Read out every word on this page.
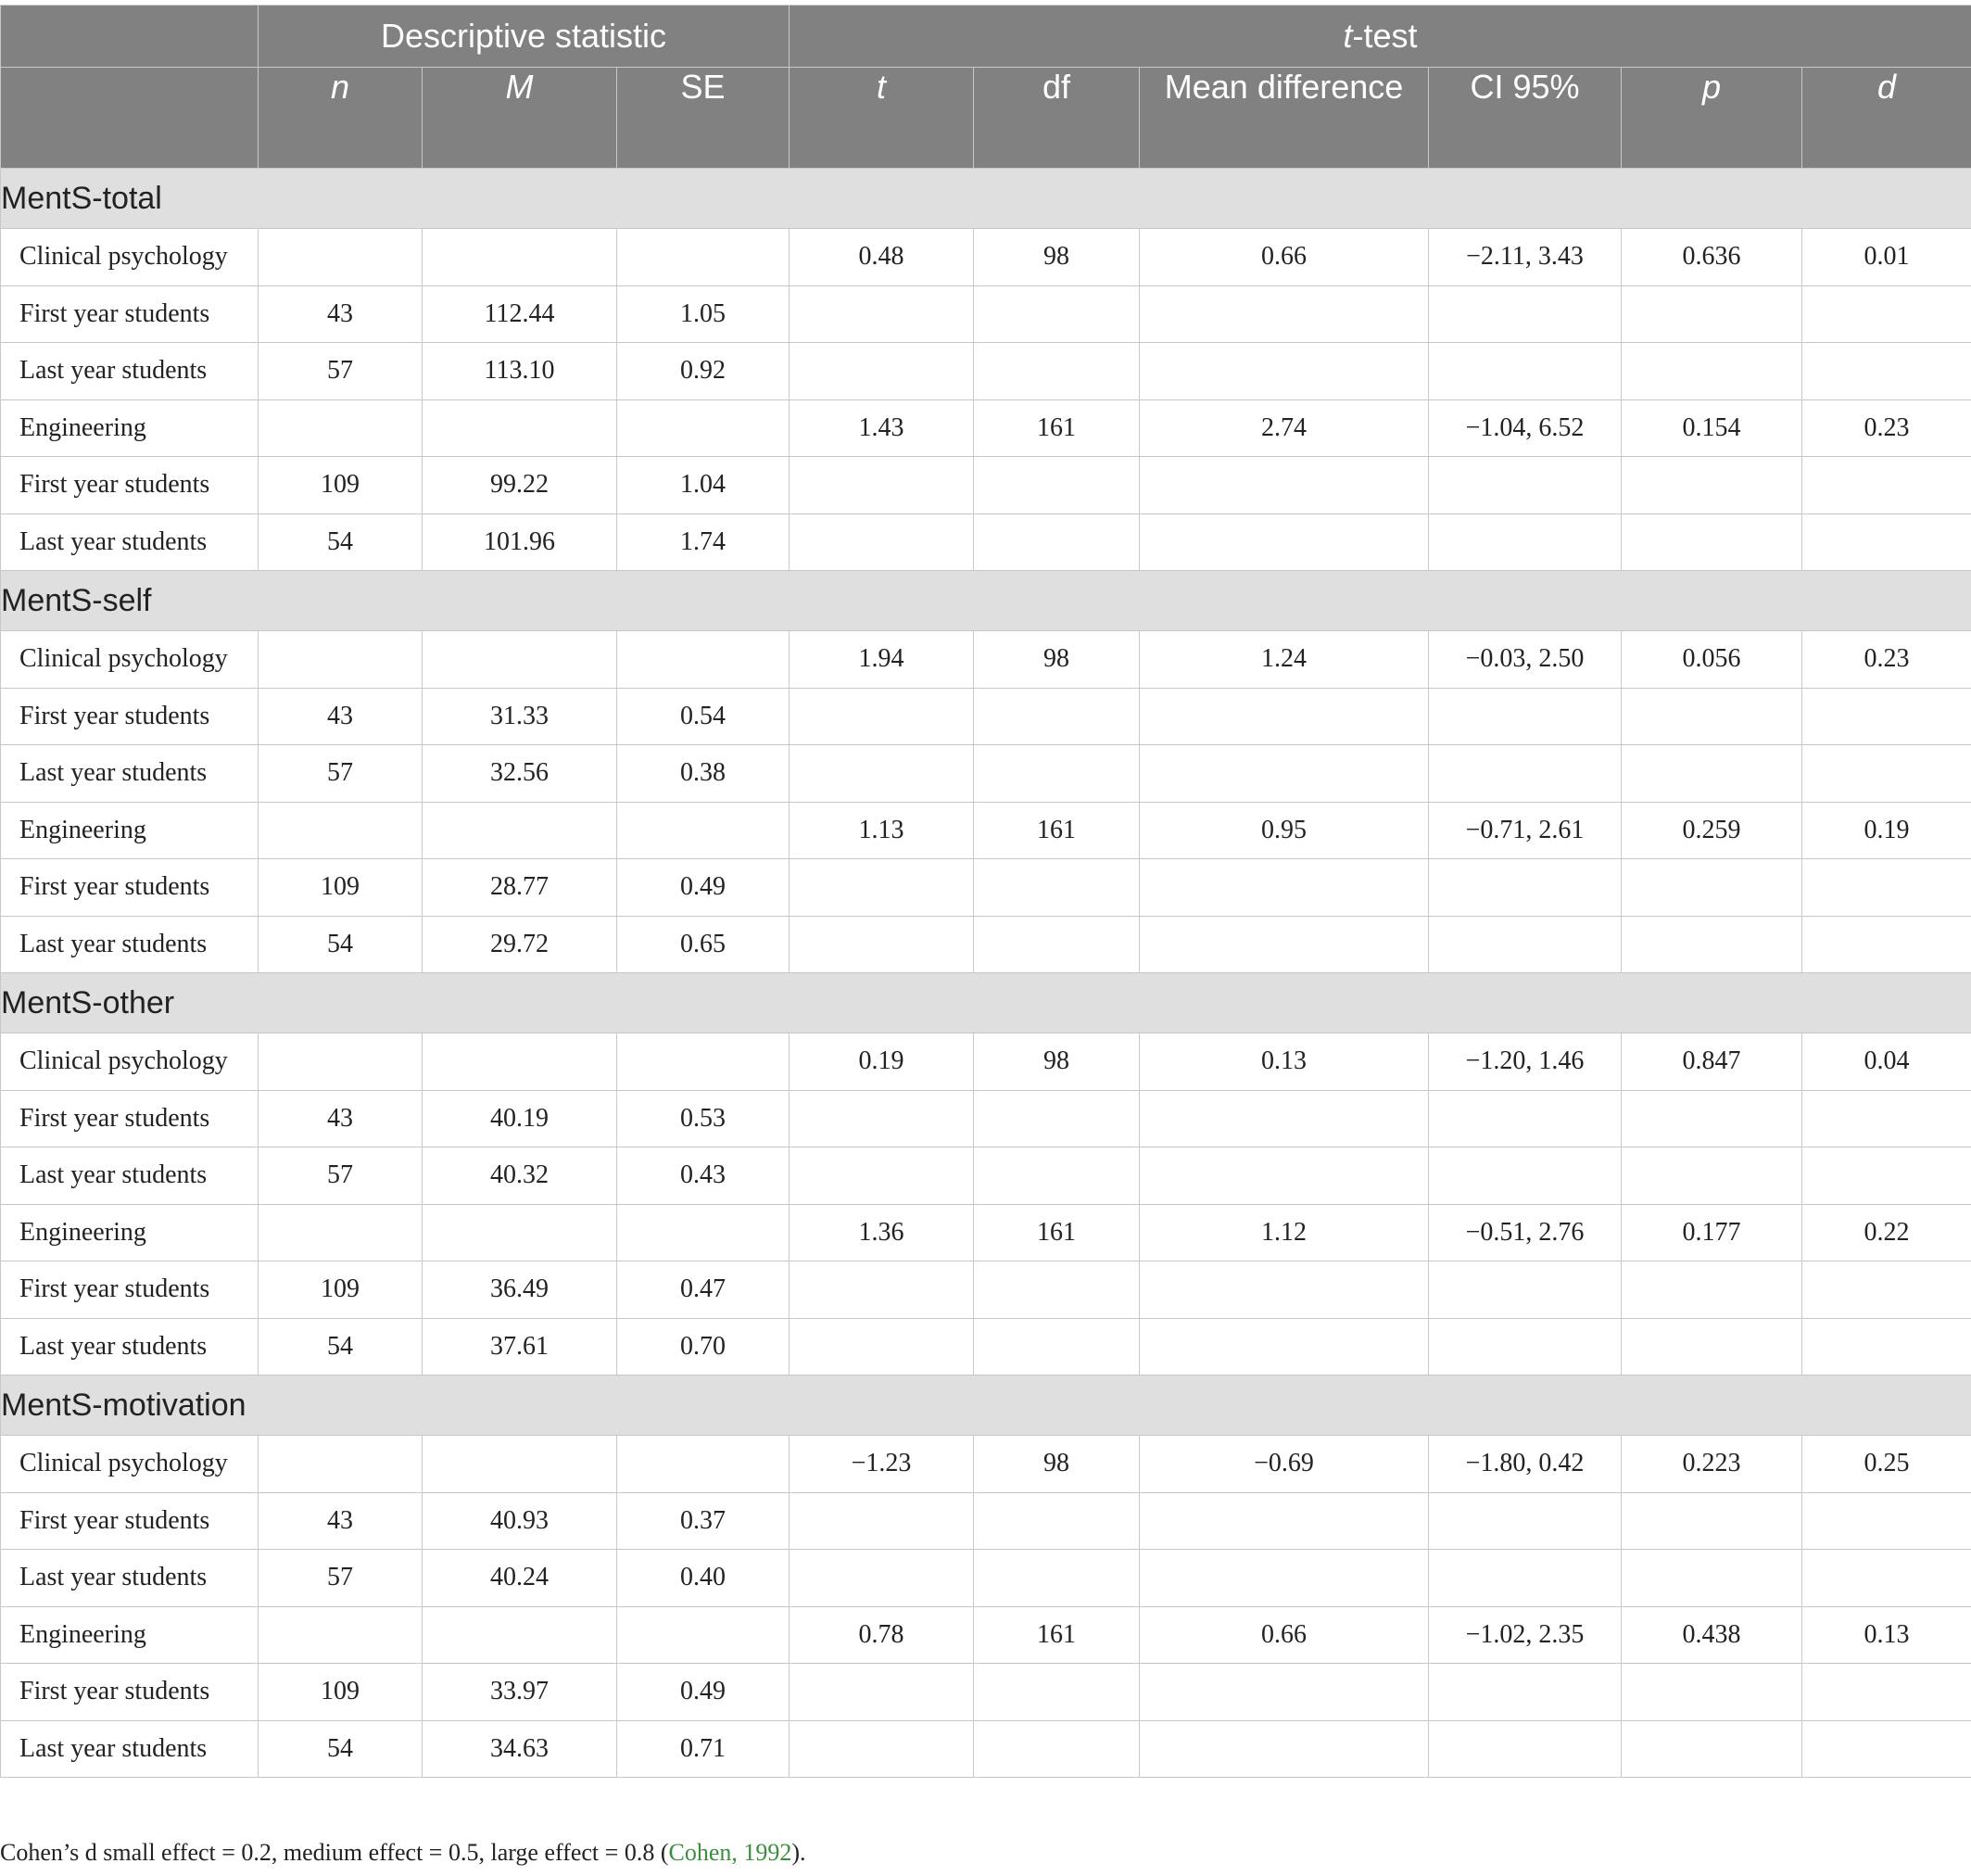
	Descriptive statistic			t-test					
	n	M	SE	t	df	Mean difference	CI 95%	p	d
MentS-total									
Clinical psychology				0.48	98	0.66	−2.11, 3.43	0.636	0.01
First year students	43	112.44	1.05						
Last year students	57	113.10	0.92						
Engineering				1.43	161	2.74	−1.04, 6.52	0.154	0.23
First year students	109	99.22	1.04						
Last year students	54	101.96	1.74						
MentS-self									
Clinical psychology				1.94	98	1.24	−0.03, 2.50	0.056	0.23
First year students	43	31.33	0.54						
Last year students	57	32.56	0.38						
Engineering				1.13	161	0.95	−0.71, 2.61	0.259	0.19
First year students	109	28.77	0.49						
Last year students	54	29.72	0.65						
MentS-other									
Clinical psychology				0.19	98	0.13	−1.20, 1.46	0.847	0.04
First year students	43	40.19	0.53						
Last year students	57	40.32	0.43						
Engineering				1.36	161	1.12	−0.51, 2.76	0.177	0.22
First year students	109	36.49	0.47						
Last year students	54	37.61	0.70						
MentS-motivation									
Clinical psychology				−1.23	98	−0.69	−1.80, 0.42	0.223	0.25
First year students	43	40.93	0.37						
Last year students	57	40.24	0.40						
Engineering				0.78	161	0.66	−1.02, 2.35	0.438	0.13
First year students	109	33.97	0.49						
Last year students	54	34.63	0.71						
Cohen’s d small effect = 0.2, medium effect = 0.5, large effect = 0.8 (Cohen, 1992).
